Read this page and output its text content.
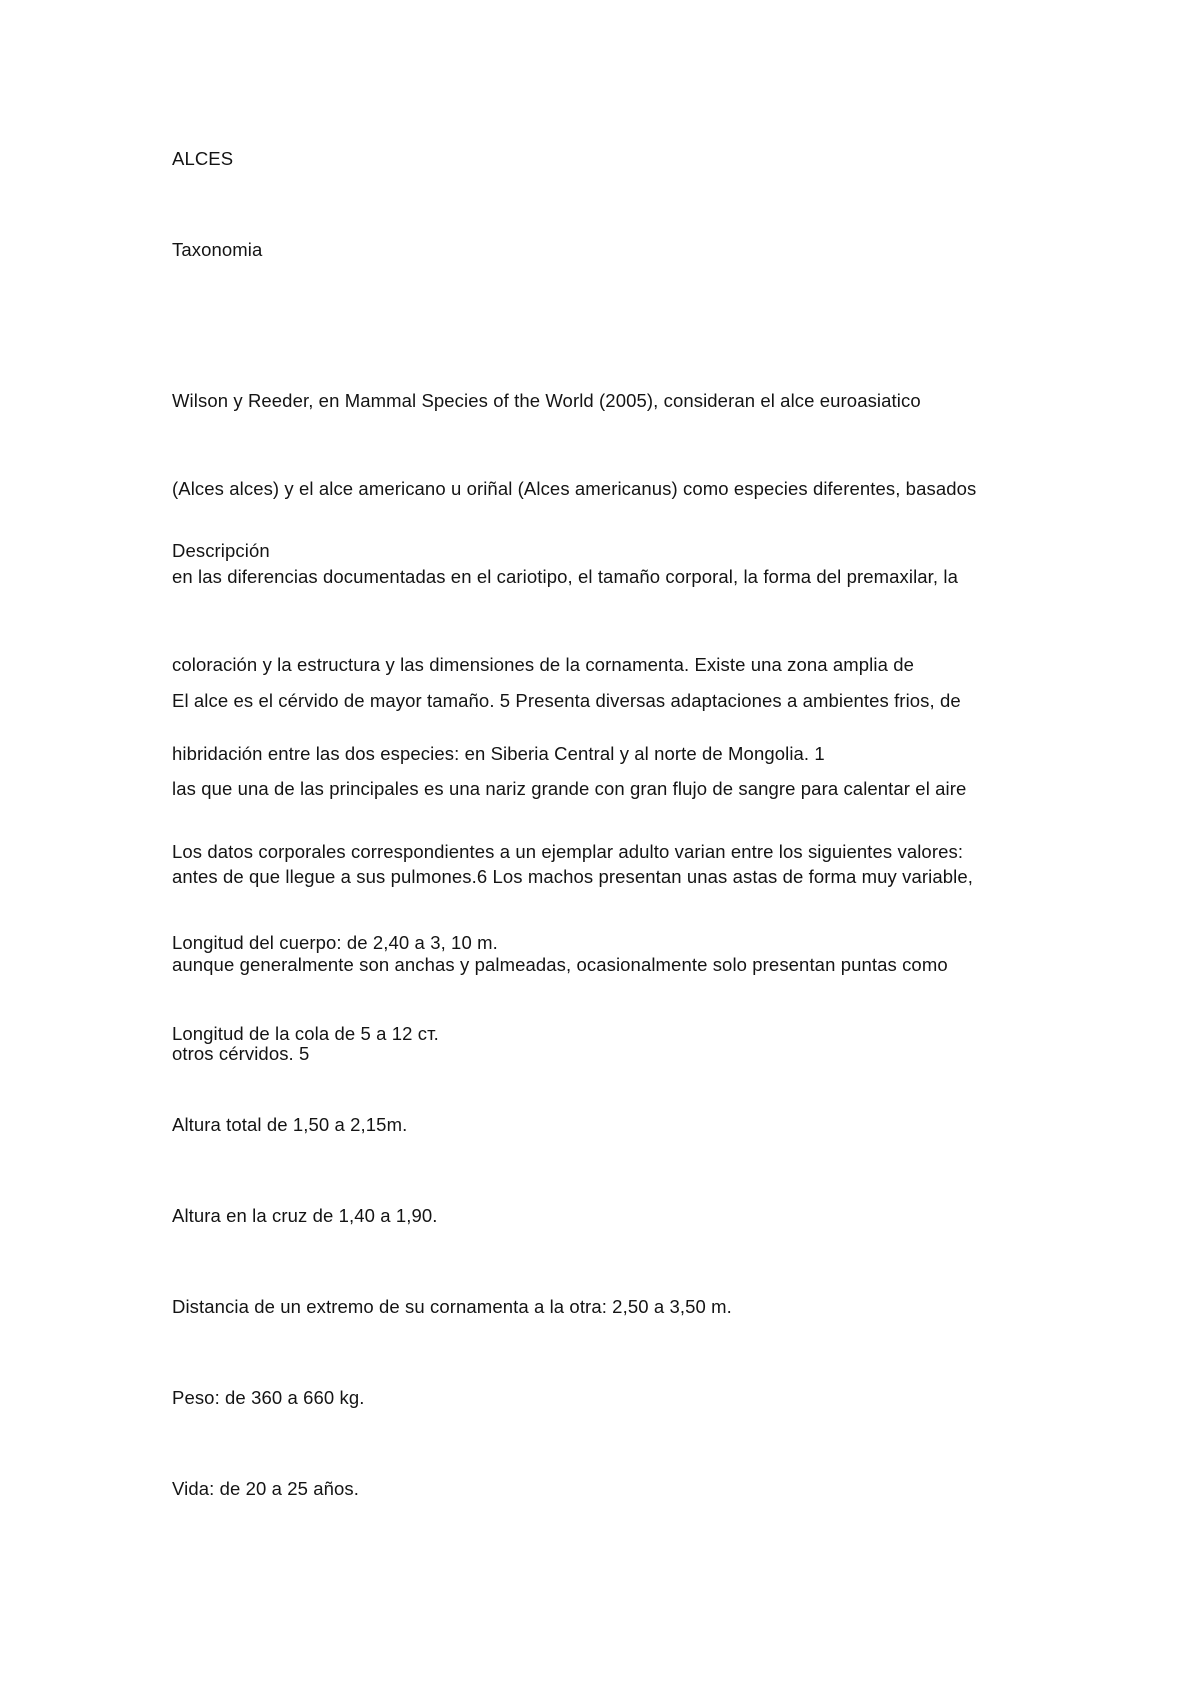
ALCES
Taxonomia

Wilson y Reeder, en Mammal Species of the World (2005), consideran el alce euroasiatico

(Alces alces) y el alce americano u oriñal (Alces americanus) como especies diferentes, basados

en las diferencias documentadas en el cariotipo, el tamaño corporal, la forma del premaxilar, la

coloración y la estructura y las dimensiones de la cornamenta. Existe una zona amplia de

hibridación entre las dos especies: en Siberia Central y al norte de Mongolia. 1

Descripción

El alce es el cérvido de mayor tamaño. 5 Presenta diversas adaptaciones a ambientes frios, de

las que una de las principales es una nariz grande con gran flujo de sangre para calentar el aire

antes de que llegue a sus pulmones.6 Los machos presentan unas astas de forma muy variable,

aunque generalmente son anchas y palmeadas, ocasionalmente solo presentan puntas como

otros cérvidos. 5

Los datos corporales correspondientes a un ejemplar adulto varian entre los siguientes valores:
Longitud del cuerpo: de 2,40 a 3, 10 m.
Longitud de la cola de 5 a 12 cт.
Altura total de 1,50 a 2,15m.
Altura en la cruz de 1,40 a 1,90.
Distancia de un extremo de su cornamenta a la otra: 2,50 a 3,50 m.
Peso: de 360 a 660 kg.
Vida: de 20 a 25 años.
